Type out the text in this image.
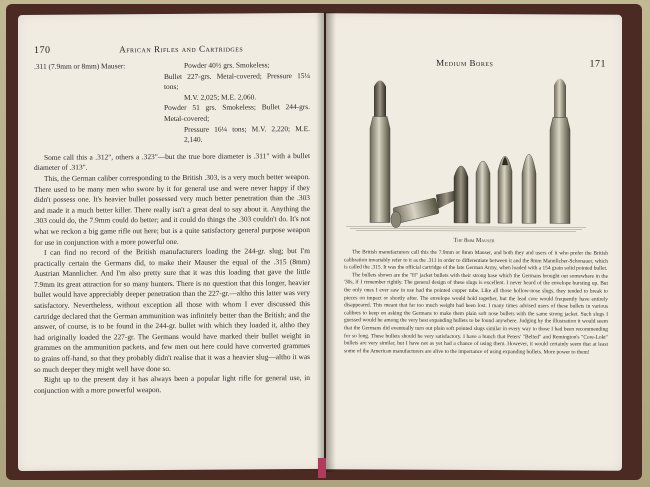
170	African Rifles and Cartridges
.311 (7.9mm or 8mm) Mauser:	Powder 40½ grs. Smokeless;
Bullet 227-grs. Metal-covered; Pressure 15¼ tons;
M.V. 2,025; M.E. 2,060.
Powder 51 grs. Smokeless; Bullet 244-grs. Metal-covered;
Pressure 16¼ tons; M.V. 2,220; M.E. 2,140.

Some call this a .312", others a .323"—but the true bore diameter is .311" with a bullet diameter of .313".

This, the German caliber corresponding to the British .303, is a very much better weapon. There used to be many men who swore by it for general use and were never happy if they didn't possess one. It's heavier bullet possessed very much better penetration than the .303 and made it a much better killer. There really isn't a great deal to say about it. Anything the .303 could do, the 7.9mm could do better; and it could do things the .303 couldn't do. It's not what we reckon a big game rifle out here; but is a quite satisfactory general purpose weapon for use in conjunction with a more powerful one.

I can find no record of the British manufacturers loading the 244-gr. slug; but I'm practically certain the Germans did, to make their Mauser the equal of the .315 (8mm) Austrian Mannlicher. And I'm also pretty sure that it was this loading that gave the little 7.9mm its great attraction for so many hunters. There is no question that this longer, heavier bullet would have appreciably deeper penetration than the 227-gr.—altho this latter was very satisfactory. Nevertheless, without exception all those with whom I ever discussed this cartridge declared that the German ammunition was infinitely better than the British; and the answer, of course, is to be found in the 244-gr. bullet with which they loaded it, altho they had originally loaded the 227-gr. The Germans would have marked their bullet weight in grammes on the ammunition packets, and few men out here could have converted grammes to grains off-hand, so that they probably didn't realise that it was a heavier slug—altho it was so much deeper they might well have done so.

Right up to the present day it has always been a popular light rifle for general use, in conjunction with a more powerful weapon.

Medium Bores	171
The 8mm Mauser

The British manufacturers call this the 7.9mm or 8mm Mauser, and both they and users of it who prefer the British calibration invariably refer to it as the .311 in order to differentiate between it and the 8mm Mannlicher-Schonauer, which is called the .315. It was the official cartridge of the late German Army, when loaded with a 154 grain solid pointed bullet.

The bullets shown are the "H" jacket bullets with their strong base which the Germans brought out somewhere in the '30s, if I remember rightly. The general design of these slugs is excellent. I never heard of the envelope bursting up. But the only ones I ever saw in use had the pointed copper tube. Like all those hollow-nose slugs, they tended to break to pieces on impact or shortly after. The envelope would hold together, but the lead core would frequently have entirely disappeared. This meant that far too much weight had been lost. I many times advised users of these bullets in various calibres to keep on asking the Germans to make them plain soft nose bullets with the same strong jacket. Such slugs I guessed would be among the very best expanding bullets to be found anywhere. Judging by the illustration it would seem that the Germans did eventually turn out plain soft pointed slugs similar in every way to those I had been recommending for so long. These bullets should be very satisfactory. I have a hunch that Peters' "Belted" and Remington's "Core-Lokt" bullets are very similar, but I have not as yet had a chance of using them. However, it would certainly seem that at least some of the American manufacturers are alive to the importance of using expanding bullets. More power to them!
